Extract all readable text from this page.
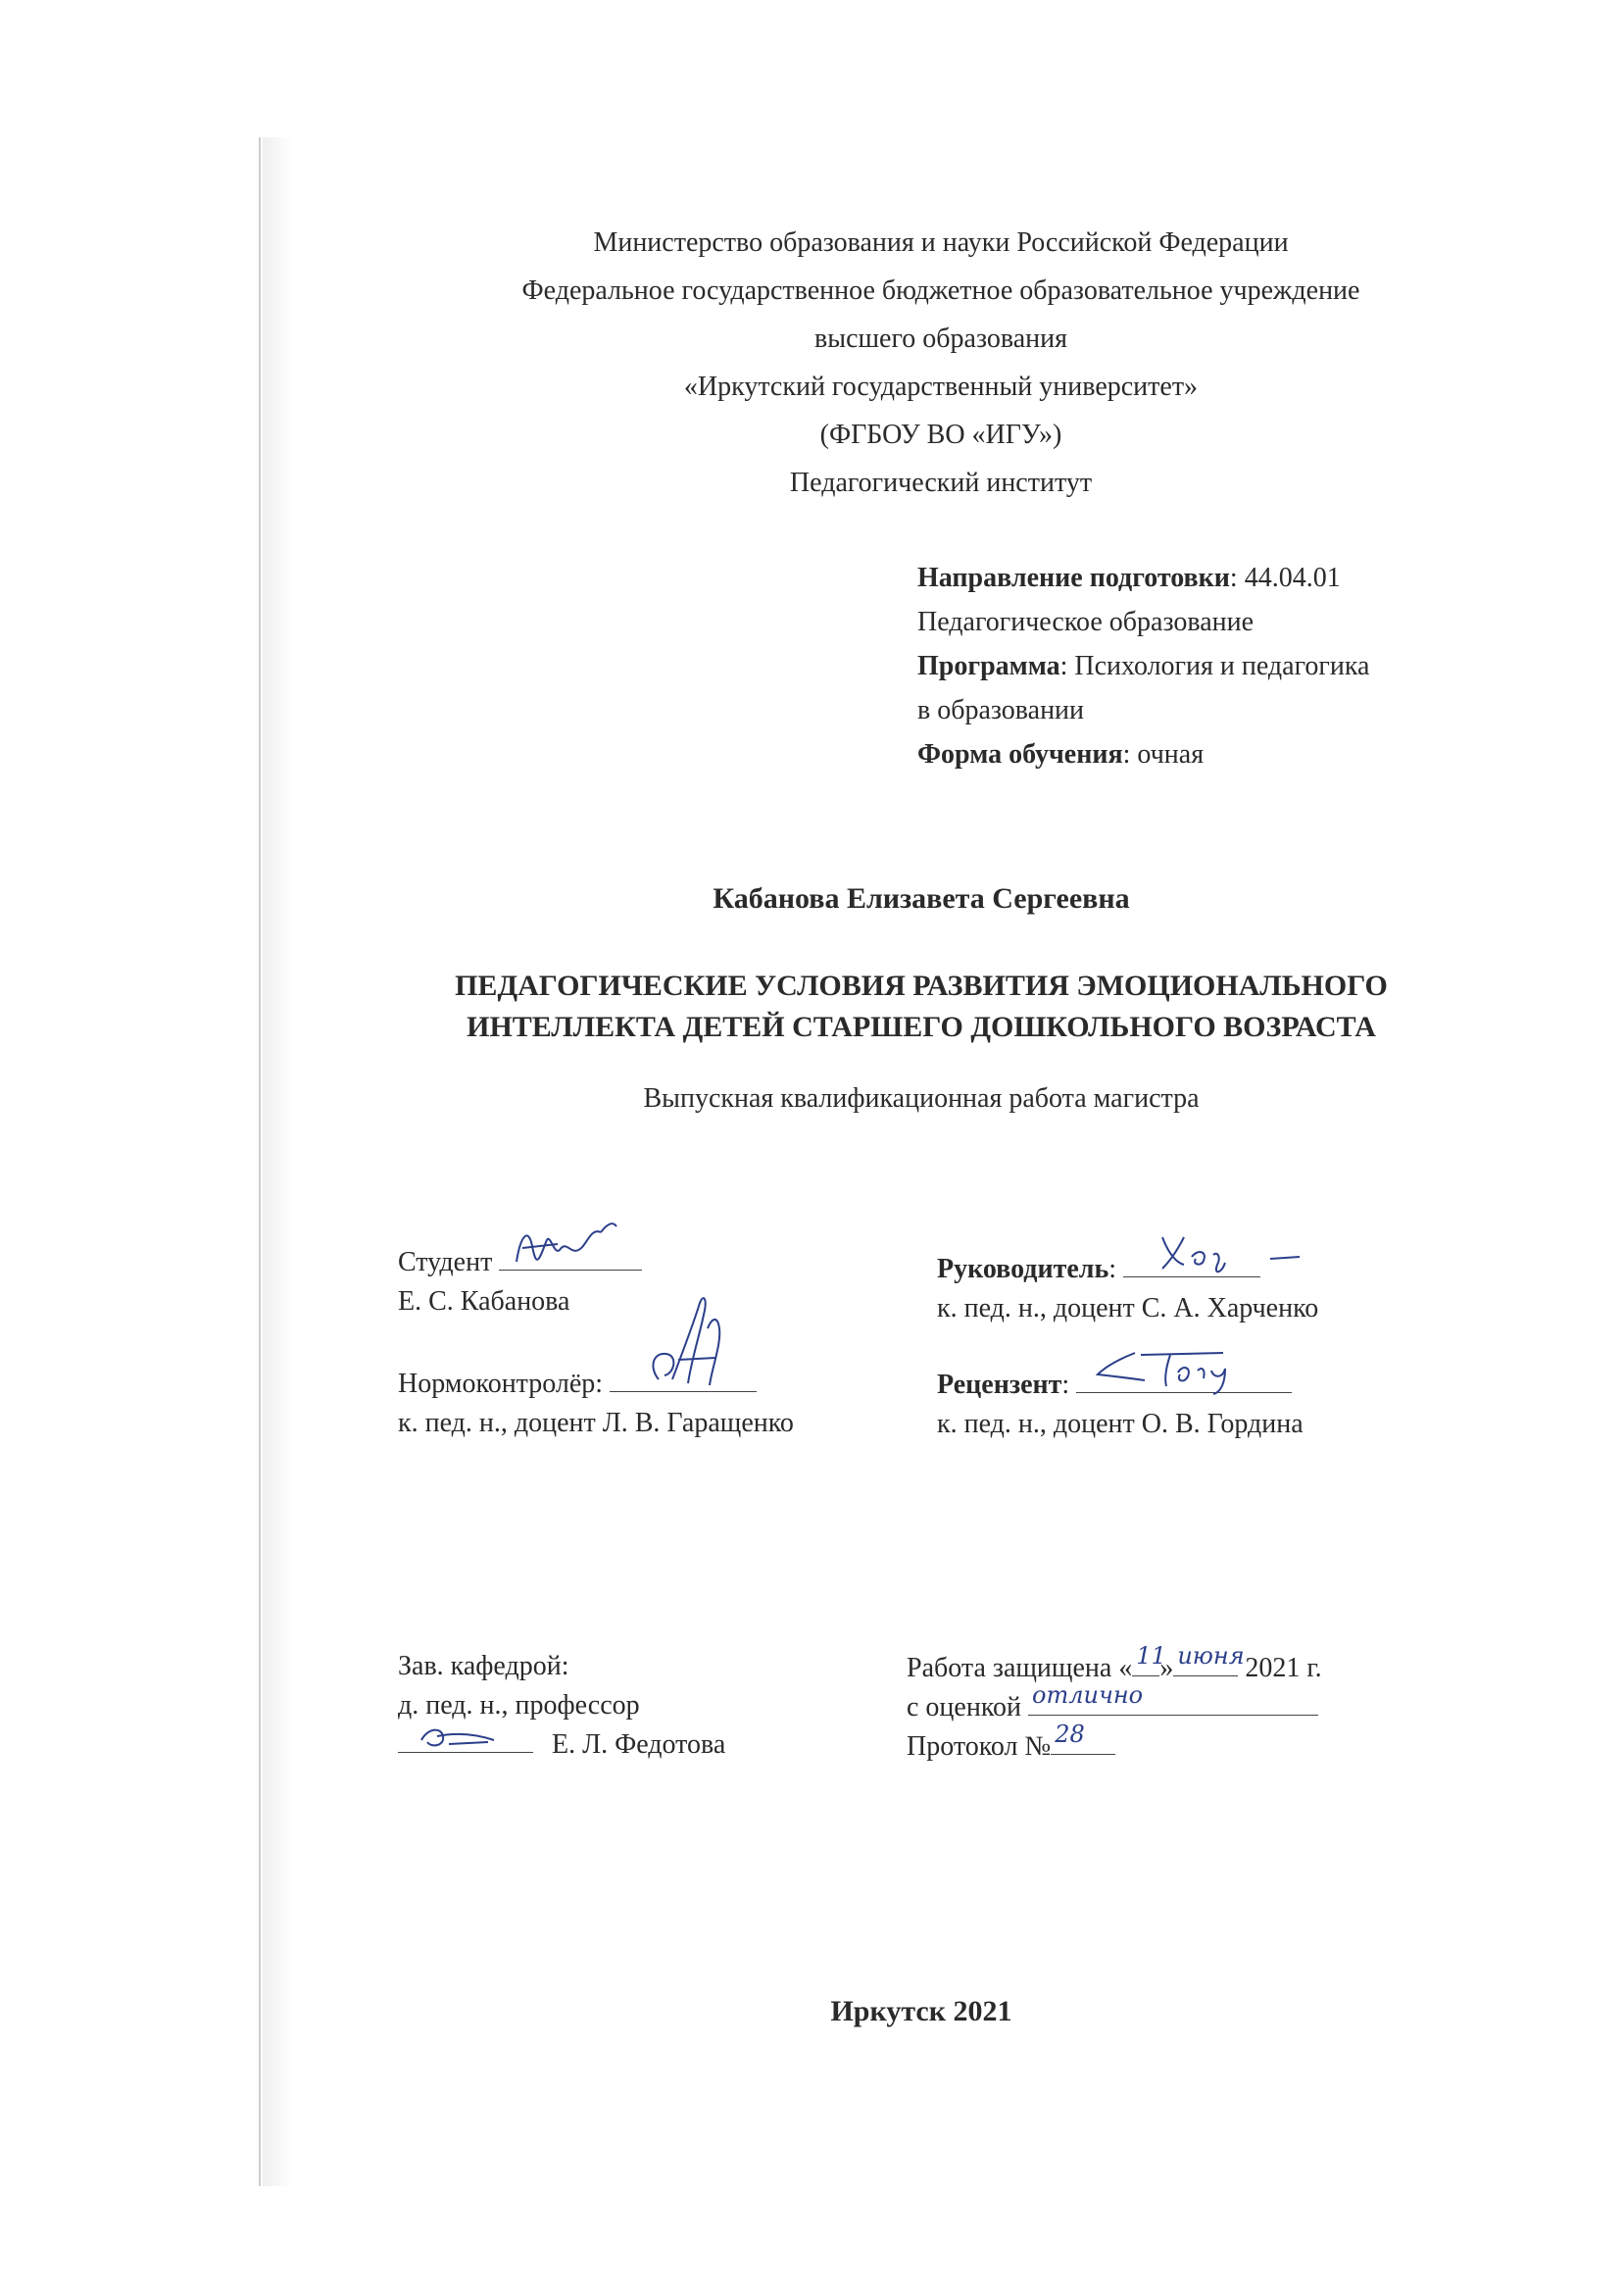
Министерство образования и науки Российской Федерации
Федеральное государственное бюджетное образовательное учреждение
высшего образования
«Иркутский государственный университет»
(ФГБОУ ВО «ИГУ»)
Педагогический институт
Направление подготовки: 44.04.01
Педагогическое образование
Программа: Психология и педагогика
в образовании
Форма обучения: очная
Кабанова Елизавета Сергеевна
ПЕДАГОГИЧЕСКИЕ УСЛОВИЯ РАЗВИТИЯ ЭМОЦИОНАЛЬНОГО
ИНТЕЛЛЕКТА ДЕТЕЙ СТАРШЕГО ДОШКОЛЬНОГО ВОЗРАСТА
Выпускная квалификационная работа магистра
Студент
Е. С. Кабанова
Руководитель:
к. пед. н., доцент С. А. Харченко
Нормоконтролёр:
к. пед. н., доцент Л. В. Гаращенко
Рецензент:
к. пед. н., доцент О. В. Гордина
Зав. кафедрой:
д. пед. н., профессор
Е. Л. Федотова
Работа защищена « 11
» июня 2021 г.
с оценкой отлично
Протокол № 28
Иркутск 2021
